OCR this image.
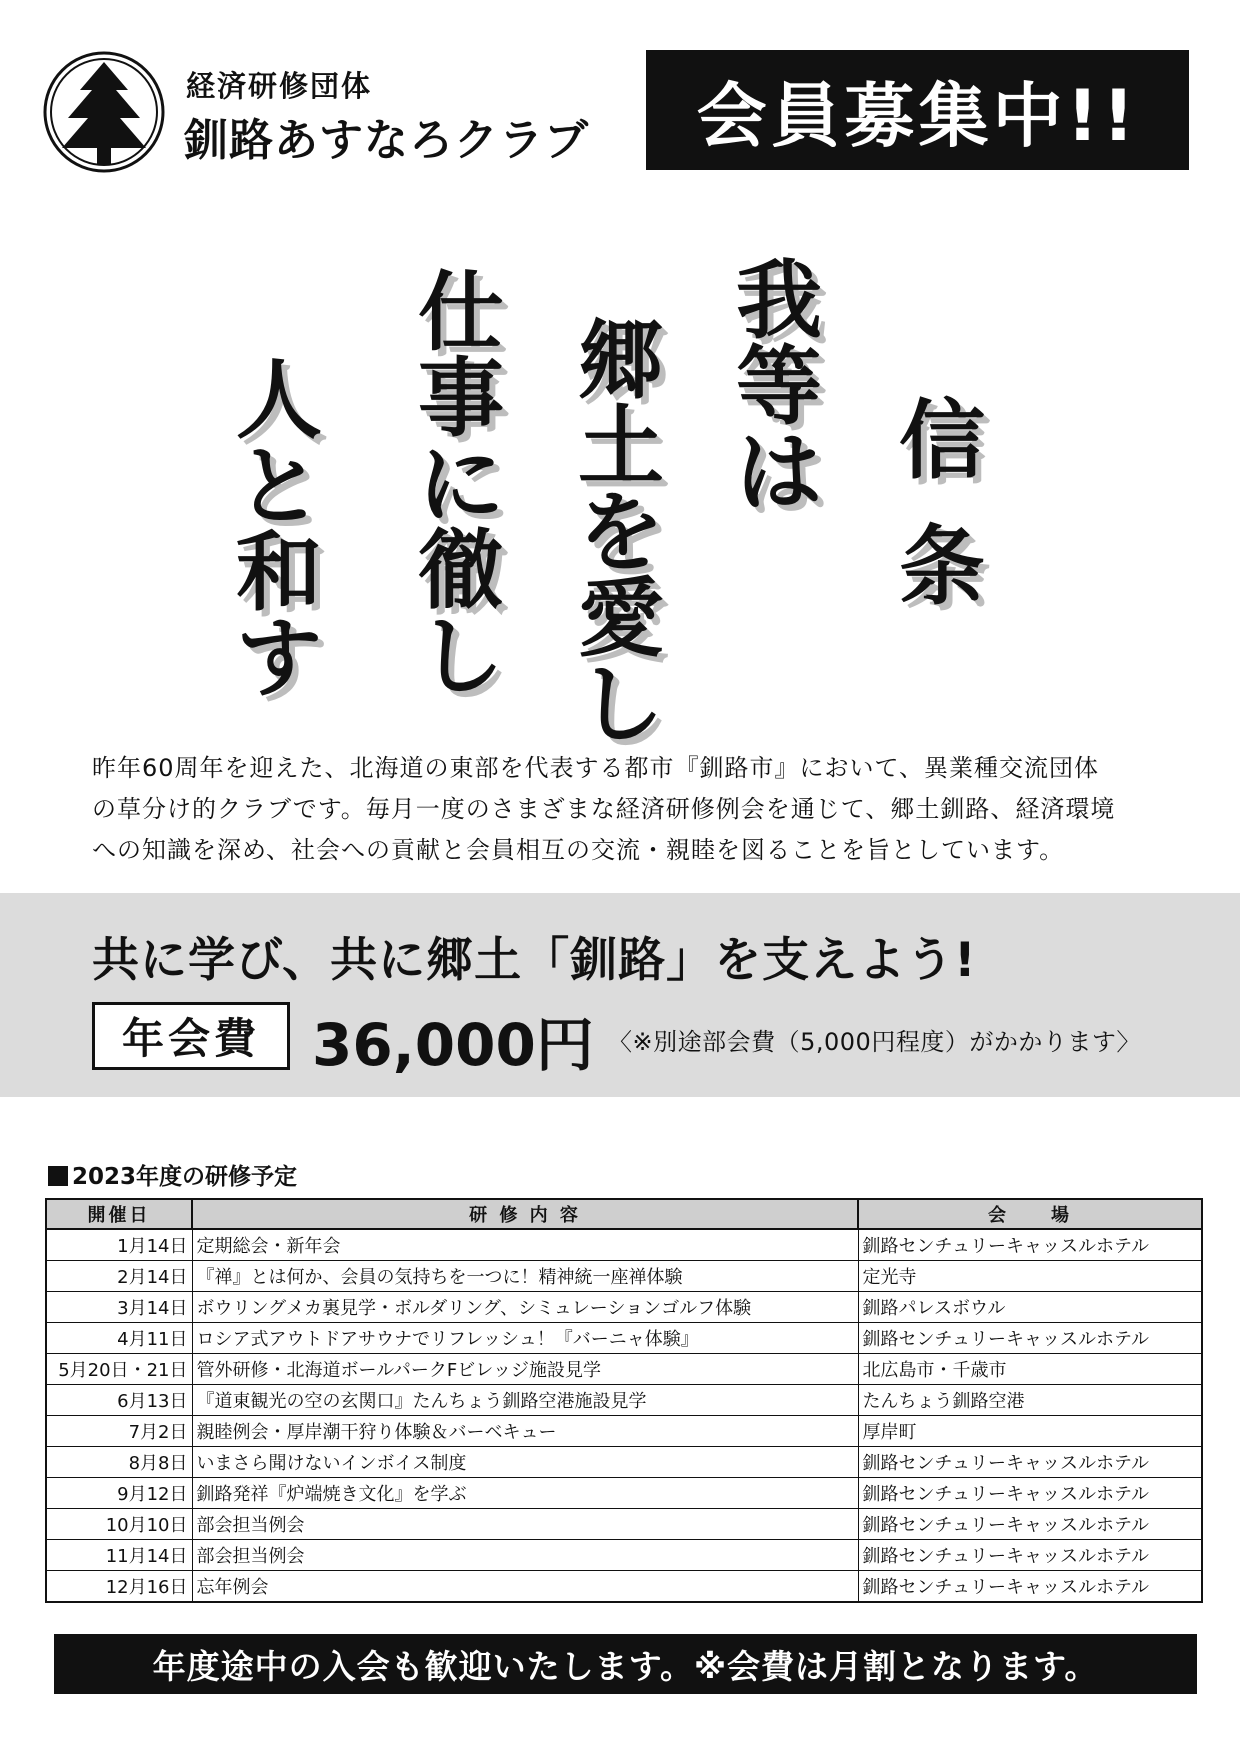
経済研修団体
釧路あすなろクラブ	会員募集中!!
信
条
我
等
は
郷
土
を
愛
し
仕
事
に
徹
し
人
と
和
す
昨年60周年を迎えた、北海道の東部を代表する都市『釧路市』において、異業種交流団体
の草分け的クラブです。毎月一度のさまざまな経済研修例会を通じて、郷土釧路、経済環境
への知識を深め、社会への貢献と会員相互の交流・親睦を図ることを旨としています。
共に学び、共に郷土「釧路」を支えよう!
年会費 36,000円 〈※別途部会費（5,000円程度）がかかります〉
2023年度の研修予定
開催日	研 修 内 容	会　　場
1月14日	定期総会・新年会	釧路センチュリーキャッスルホテル
2月14日	『禅』とは何か、会員の気持ちを一つに！精神統一座禅体験	定光寺
3月14日	ボウリングメカ裏見学・ボルダリング、シミュレーションゴルフ体験	釧路パレスボウル
4月11日	ロシア式アウトドアサウナでリフレッシュ！『バーニャ体験』	釧路センチュリーキャッスルホテル
5月20日・21日	管外研修・北海道ボールパークFビレッジ施設見学	北広島市・千歳市
6月13日	『道東観光の空の玄関口』たんちょう釧路空港施設見学	たんちょう釧路空港
7月2日	親睦例会・厚岸潮干狩り体験＆バーベキュー	厚岸町
8月8日	いまさら聞けないインボイス制度	釧路センチュリーキャッスルホテル
9月12日	釧路発祥『炉端焼き文化』を学ぶ	釧路センチュリーキャッスルホテル
10月10日	部会担当例会	釧路センチュリーキャッスルホテル
11月14日	部会担当例会	釧路センチュリーキャッスルホテル
12月16日	忘年例会	釧路センチュリーキャッスルホテル
年度途中の入会も歓迎いたします。※会費は月割となります。
